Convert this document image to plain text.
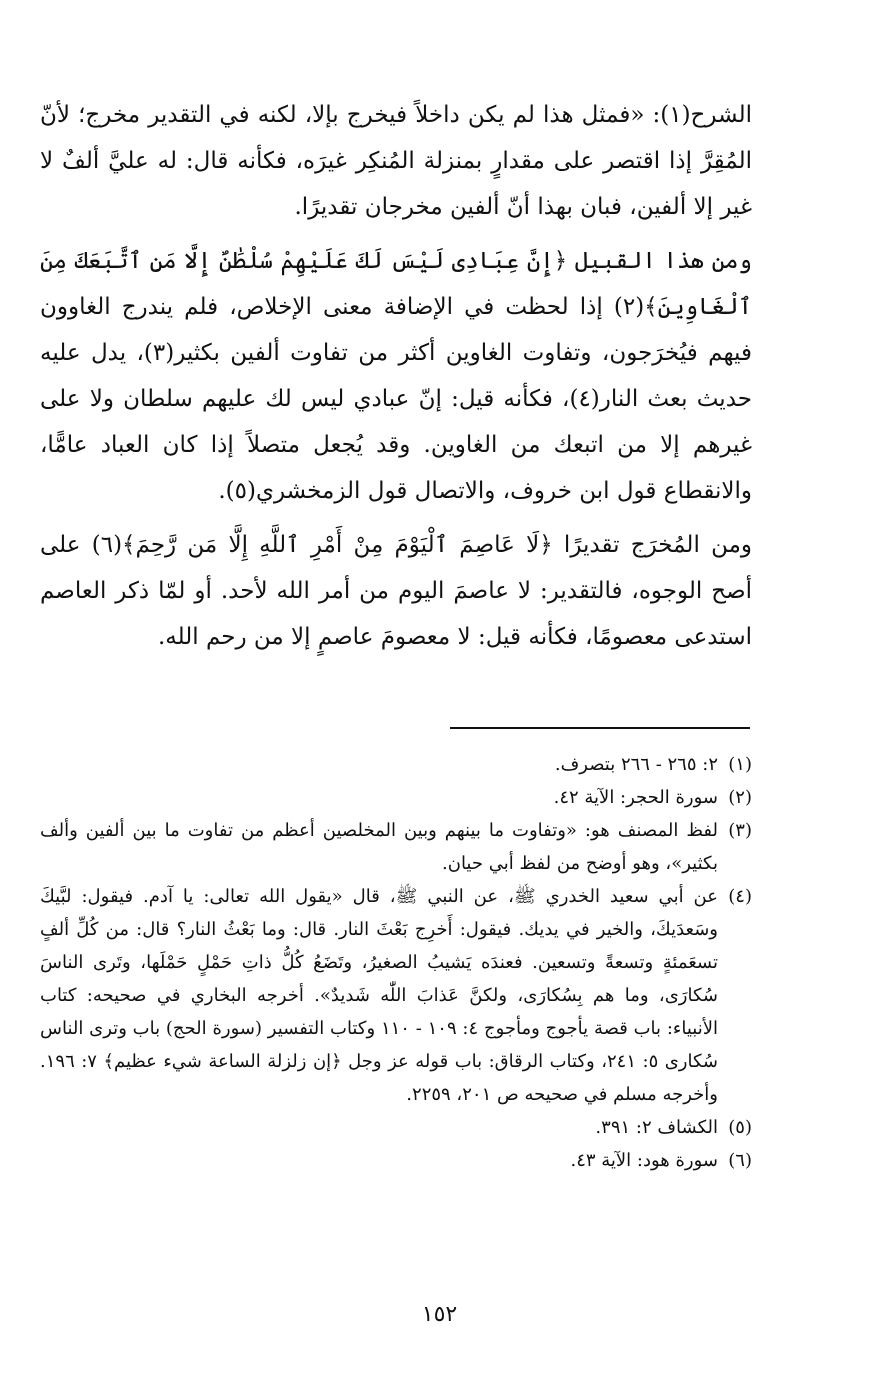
الشرح(١): «فمثل هذا لم يكن داخلاً فيخرج بإلا، لكنه في التقدير مخرج؛ لأنّ المُقِرَّ إذا اقتصر على مقدارٍ بمنزلة المُنكِر غيرَه، فكأنه قال: له عليَّ ألفٌ لا غير إلا ألفين، فبان بهذا أنّ ألفين مخرجان تقديرًا.

ومن هذا القبيل ﴿إِنَّ عِبَادِى لَيْسَ لَكَ عَلَيْهِمْ سُلْطَٰنٌ إِلَّا مَنِ ٱتَّبَعَكَ مِنَ ٱلْغَاوِينَ﴾(٢) إذا لحظت في الإضافة معنى الإخلاص، فلم يندرج الغاوون فيهم فيُخرَجون، وتفاوت الغاوين أكثر من تفاوت ألفين بكثير(٣)، يدل عليه حديث بعث النار(٤)، فكأنه قيل: إنّ عبادي ليس لك عليهم سلطان ولا على غيرهم إلا من اتبعك من الغاوين. وقد يُجعل متصلاً إذا كان العباد عامًّا، والانقطاع قول ابن خروف، والاتصال قول الزمخشري(٥).

ومن المُخرَج تقديرًا ﴿لَا عَاصِمَ ٱلْيَوْمَ مِنْ أَمْرِ ٱللَّهِ إِلَّا مَن رَّحِمَ﴾(٦) على أصح الوجوه، فالتقدير: لا عاصمَ اليوم من أمر الله لأحد. أو لمّا ذكر العاصم استدعى معصومًا، فكأنه قيل: لا معصومَ عاصمٍ إلا من رحم الله.

(١)٢: ٢٦٥ - ٢٦٦ بتصرف.

(٢)سورة الحجر: الآية ٤٢.

(٣)لفظ المصنف هو: «وتفاوت ما بينهم وبين المخلصين أعظم من تفاوت ما بين ألفين وألف بكثير»، وهو أوضح من لفظ أبي حيان.

(٤)عن أبي سعيد الخدري ﷺ، عن النبي ﷺ، قال «يقول الله تعالى: يا آدم. فيقول: لبَّيكَ وسَعدَيكَ، والخير في يديك. فيقول: أَخرِج بَعْثَ النار. قال: وما بَعْثُ النار؟ قال: من كُلِّ ألفٍ تسعَمئةٍ وتسعةً وتسعين. فعندَه يَشيبُ الصغيرُ، وتَضَعُ كُلُّ ذاتِ حَمْلٍ حَمْلَها، وتَرى الناسَ سُكارَى، وما هم بِسُكارَى، ولكنَّ عَذابَ اللّٰه شَديدٌ». أخرجه البخاري في صحيحه: كتاب الأنبياء: باب قصة يأجوج ومأجوج ٤: ١٠٩ - ١١٠ وكتاب التفسير (سورة الحج) باب وترى الناس سُكارى ٥: ٢٤١، وكتاب الرقاق: باب قوله عز وجل ﴿إن زلزلة الساعة شيء عظيم﴾ ٧: ١٩٦. وأخرجه مسلم في صحيحه ص ٢٠١، ٢٢٥٩.

(٥)الكشاف ٢: ٣٩١.

(٦)سورة هود: الآية ٤٣.

١٥٢
